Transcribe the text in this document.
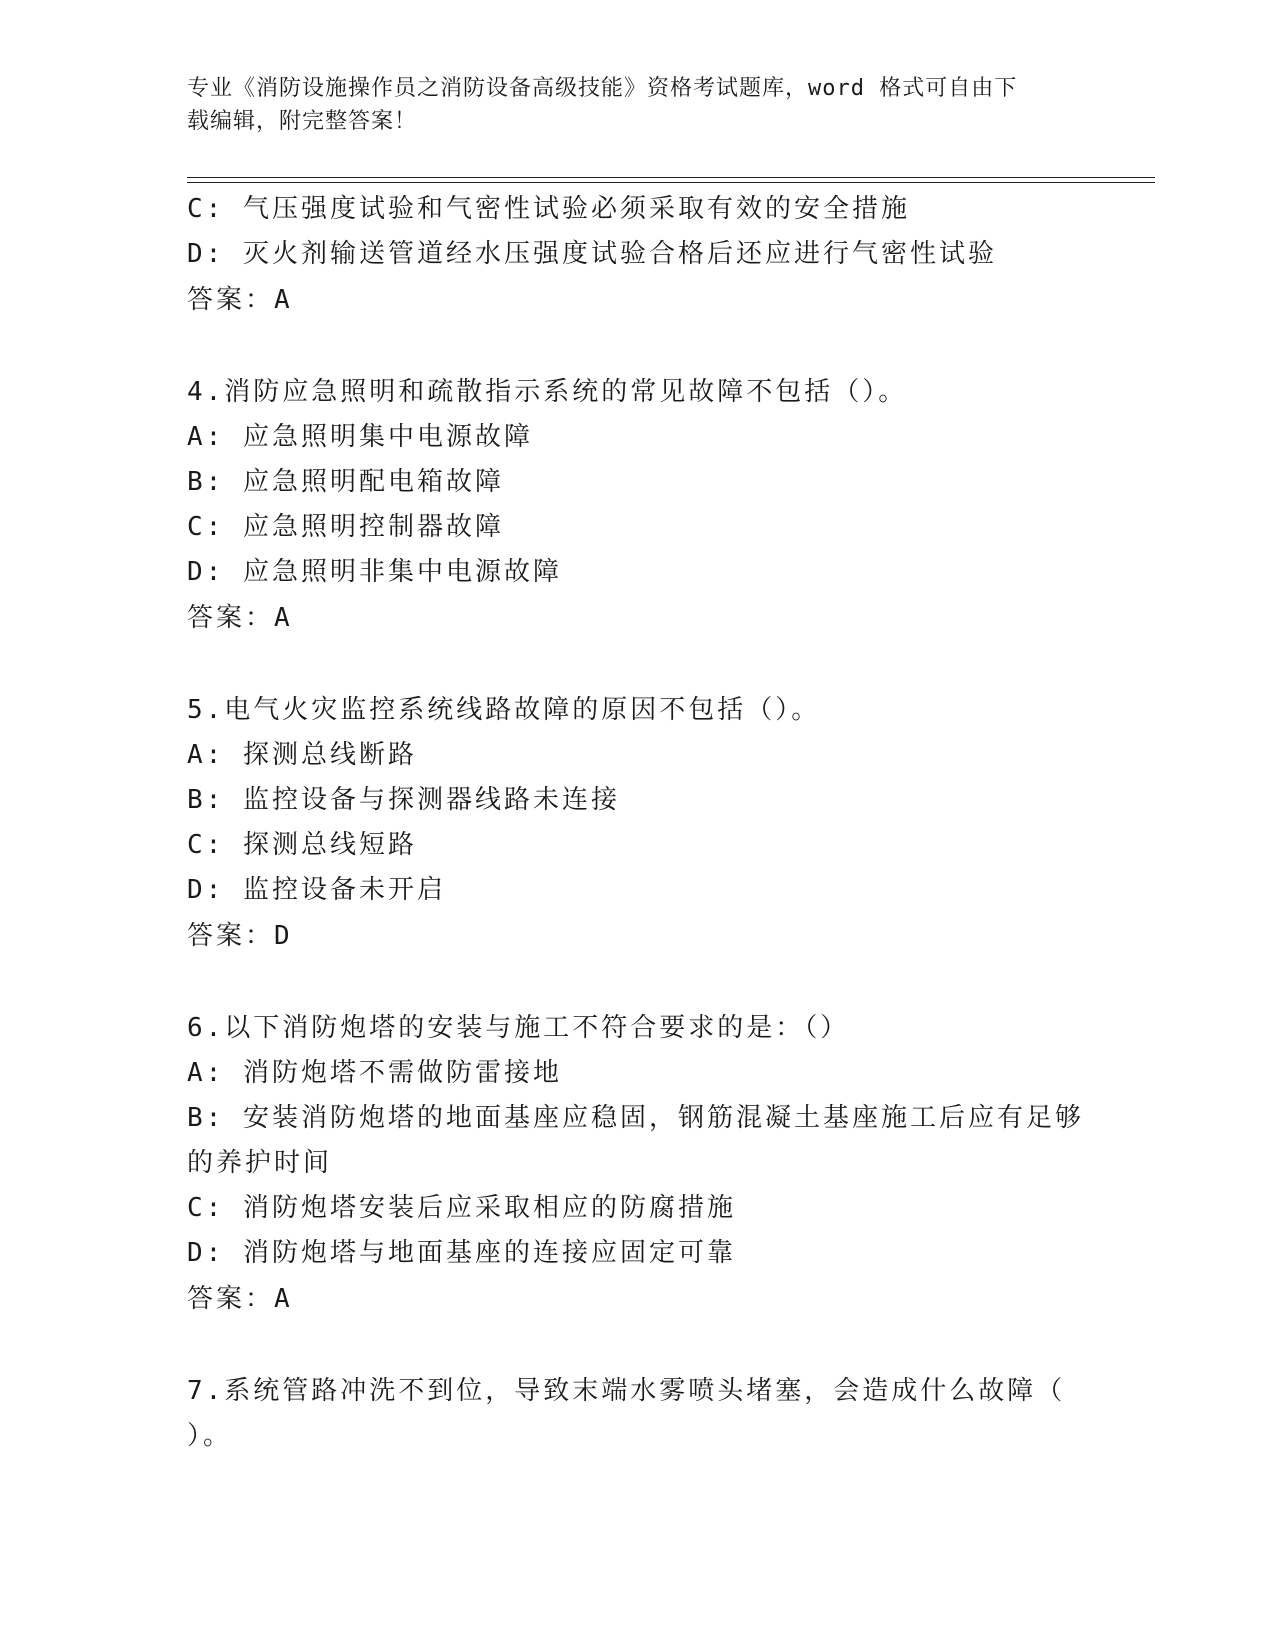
专业《消防设施操作员之消防设备高级技能》资格考试题库，word 格式可自由下
载编辑，附完整答案！

C: 气压强度试验和气密性试验必须采取有效的安全措施

D: 灭火剂输送管道经水压强度试验合格后还应进行气密性试验

答案：A

4.消防应急照明和疏散指示系统的常见故障不包括（）。

A: 应急照明集中电源故障

B: 应急照明配电箱故障

C: 应急照明控制器故障

D: 应急照明非集中电源故障

答案：A

5.电气火灾监控系统线路故障的原因不包括（）。

A: 探测总线断路

B: 监控设备与探测器线路未连接

C: 探测总线短路

D: 监控设备未开启

答案：D

6.以下消防炮塔的安装与施工不符合要求的是：（）

A: 消防炮塔不需做防雷接地

B: 安装消防炮塔的地面基座应稳固，钢筋混凝土基座施工后应有足够

的养护时间

C: 消防炮塔安装后应采取相应的防腐措施

D: 消防炮塔与地面基座的连接应固定可靠

答案：A

7.系统管路冲洗不到位，导致末端水雾喷头堵塞，会造成什么故障（

）。
